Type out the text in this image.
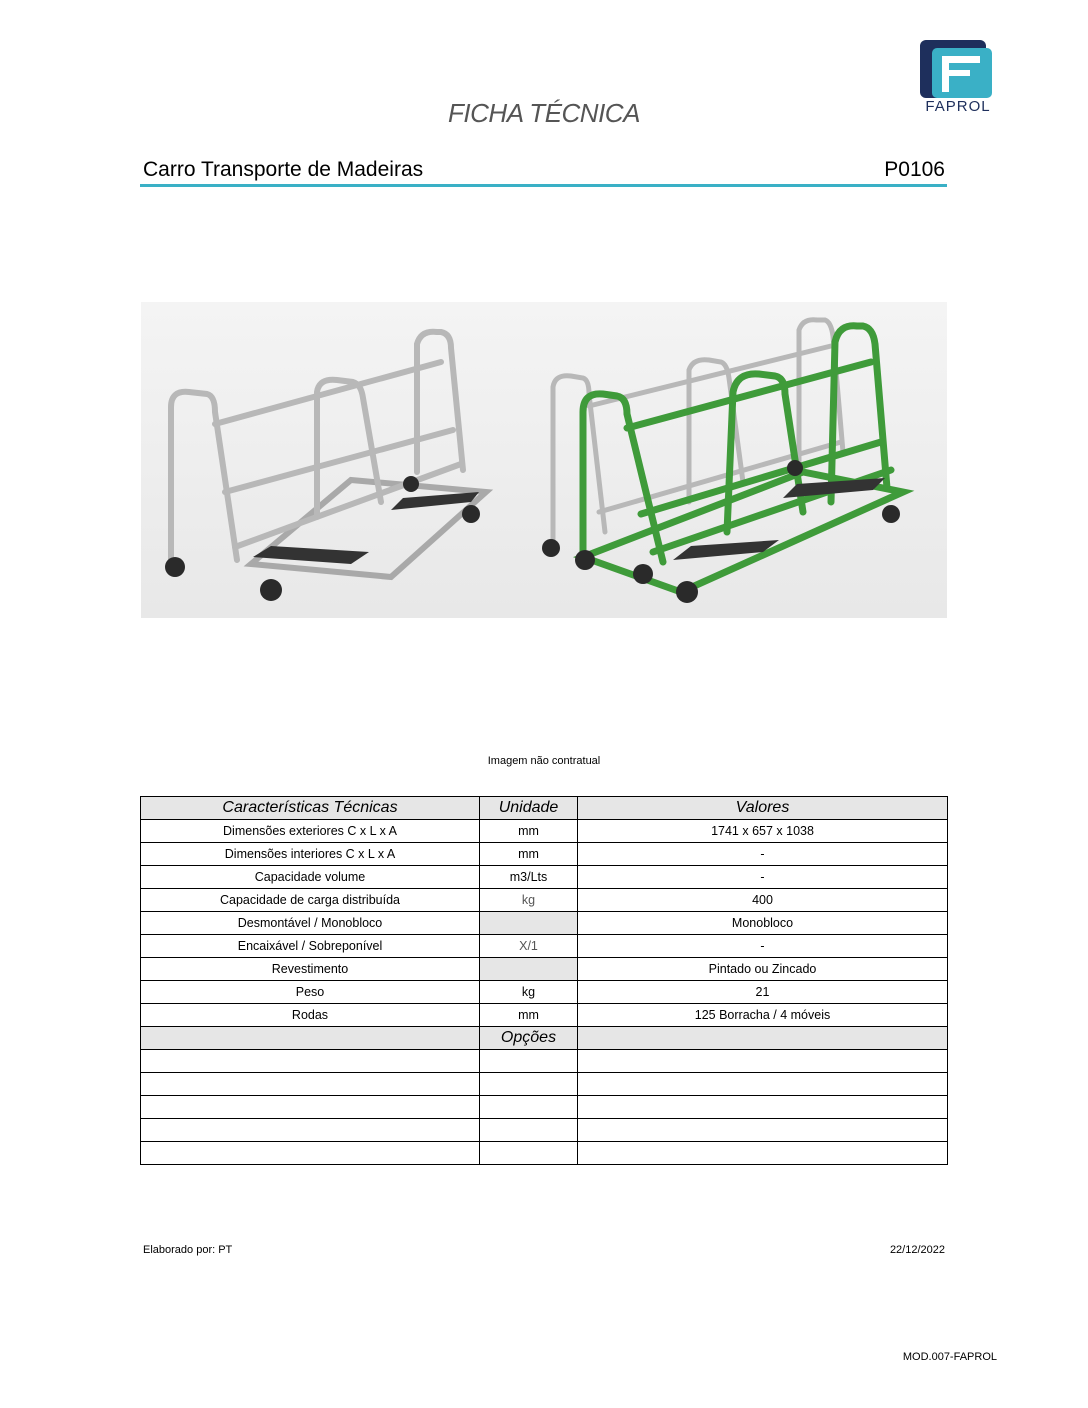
FAPROL
FICHA TÉCNICA
Carro Transporte de Madeiras	P0106
Imagem não contratual
Características Técnicas	Unidade	Valores
Dimensões exteriores C x L x A	mm	1741 x 657 x 1038
Dimensões interiores C x L x A	mm	-
Capacidade volume	m3/Lts	-
Capacidade de carga distribuída	kg	400
Desmontável / Monobloco		Monobloco
Encaixável / Sobreponível	X/1	-
Revestimento		Pintado ou Zincado
Peso	kg	21
Rodas	mm	125 Borracha / 4 móveis
	Opções	

Elaborado por: PT	22/12/2022
MOD.007-FAPROL
